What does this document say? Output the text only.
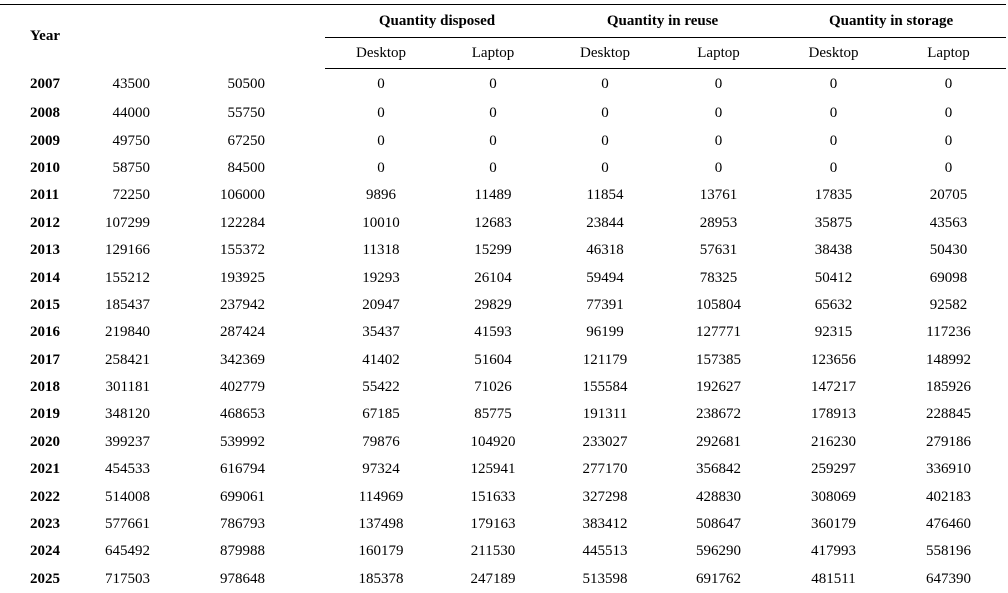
Year			Quantity disposed		Quantity in reuse		Quantity in storage	
			Desktop	Laptop	Desktop	Laptop	Desktop	Laptop
2007	43500	50500	0	0	0	0	0	0
2008	44000	55750	0	0	0	0	0	0
2009	49750	67250	0	0	0	0	0	0
2010	58750	84500	0	0	0	0	0	0
2011	72250	106000	9896	11489	11854	13761	17835	20705
2012	107299	122284	10010	12683	23844	28953	35875	43563
2013	129166	155372	11318	15299	46318	57631	38438	50430
2014	155212	193925	19293	26104	59494	78325	50412	69098
2015	185437	237942	20947	29829	77391	105804	65632	92582
2016	219840	287424	35437	41593	96199	127771	92315	117236
2017	258421	342369	41402	51604	121179	157385	123656	148992
2018	301181	402779	55422	71026	155584	192627	147217	185926
2019	348120	468653	67185	85775	191311	238672	178913	228845
2020	399237	539992	79876	104920	233027	292681	216230	279186
2021	454533	616794	97324	125941	277170	356842	259297	336910
2022	514008	699061	114969	151633	327298	428830	308069	402183
2023	577661	786793	137498	179163	383412	508647	360179	476460
2024	645492	879988	160179	211530	445513	596290	417993	558196
2025	717503	978648	185378	247189	513598	691762	481511	647390
